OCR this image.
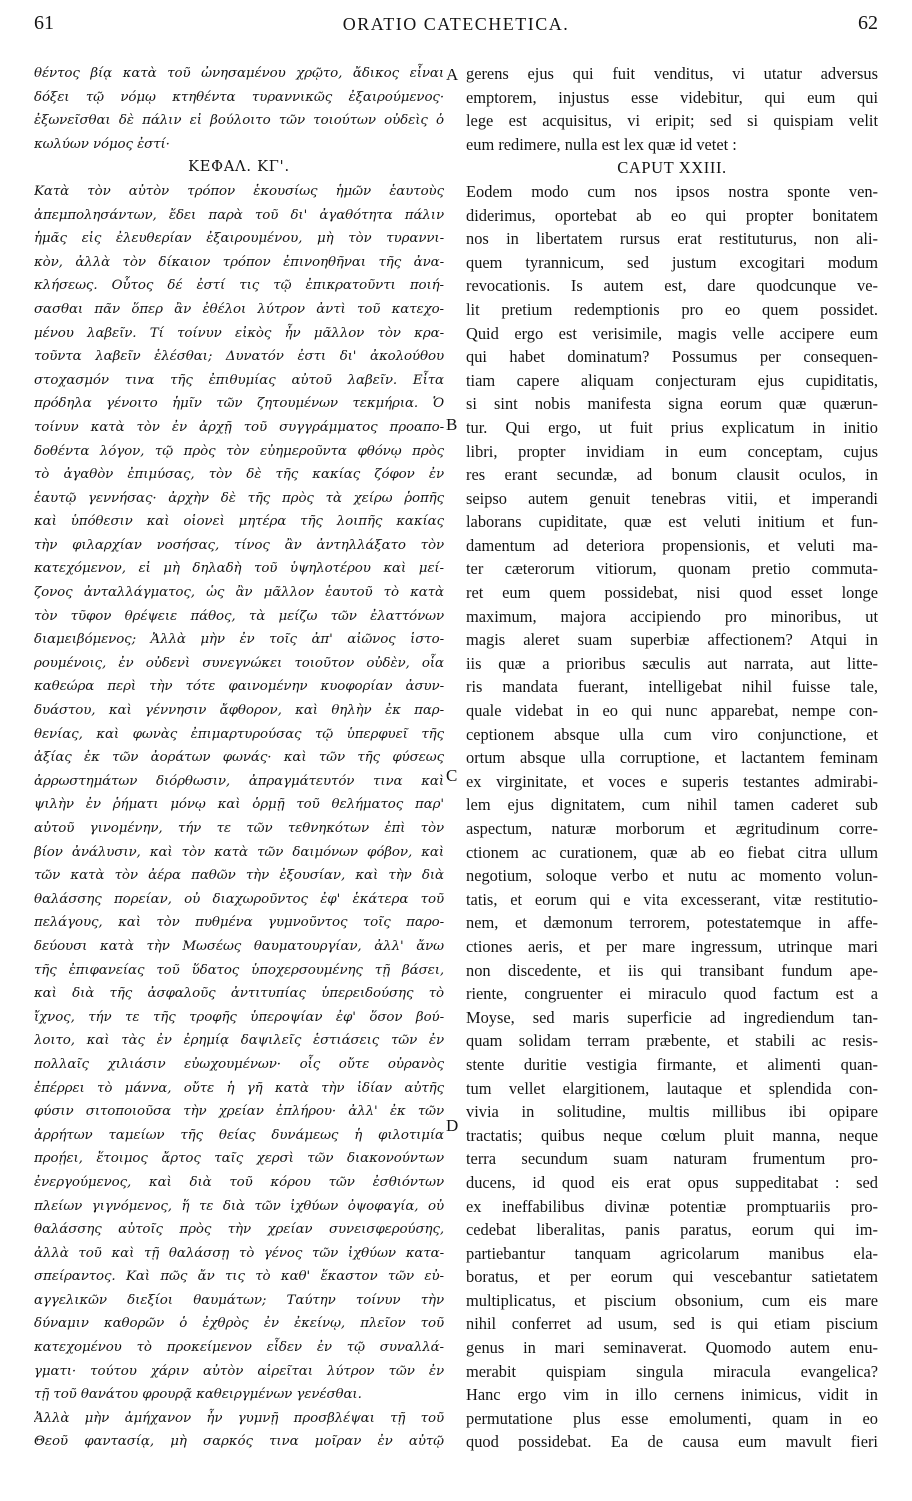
61	ORATIO CATECHETICA.	62
θέντος βίᾳ κατὰ τοῦ ὠνησαμένου χρῷτο, ἄδικος εἶναι
δόξει τῷ νόμῳ κτηθέντα τυραννικῶς ἐξαιρούμενος·
ἐξωνεῖσθαι δὲ πάλιν εἰ βούλοιτο τῶν τοιούτων οὐδεὶς ὁ
κωλύων νόμος ἐστί·
ΚΕΦΑΛ. ΚΓ'.
Κατὰ τὸν αὐτὸν τρόπον ἑκουσίως ἡμῶν ἑαυτοὺς
ἀπεμπολησάντων, ἔδει παρὰ τοῦ δι' ἀγαθότητα πάλιν
ἡμᾶς εἰς ἐλευθερίαν ἐξαιρουμένου, μὴ τὸν τυραννι-
κὸν, ἀλλὰ τὸν δίκαιον τρόπον ἐπινοηθῆναι τῆς ἀνα-
κλήσεως. Οὗτος δέ ἐστί τις τῷ ἐπικρατοῦντι ποιή-
σασθαι πᾶν ὅπερ ἂν ἐθέλοι λύτρον ἀντὶ τοῦ κατεχο-
μένου λαβεῖν. Τί τοίνυν εἰκὸς ἦν μᾶλλον τὸν κρα-
τοῦντα λαβεῖν ἑλέσθαι; Δυνατόν ἐστι δι' ἀκολούθου
στοχασμόν τινα τῆς ἐπιθυμίας αὐτοῦ λαβεῖν. Εἶτα
πρόδηλα γένοιτο ἡμῖν τῶν ζητουμένων τεκμήρια. Ὁ
τοίνυν κατὰ τὸν ἐν ἀρχῇ τοῦ συγγράμματος προαπο-
δοθέντα λόγον, τῷ πρὸς τὸν εὐημεροῦντα φθόνῳ πρὸς
τὸ ἀγαθὸν ἐπιμύσας, τὸν δὲ τῆς κακίας ζόφον ἐν
ἑαυτῷ γεννήσας· ἀρχὴν δὲ τῆς πρὸς τὰ χείρω ῥοπῆς
καὶ ὑπόθεσιν καὶ οἱονεὶ μητέρα τῆς λοιπῆς κακίας
τὴν φιλαρχίαν νοσήσας, τίνος ἂν ἀντηλλάξατο τὸν
κατεχόμενον, εἰ μὴ δηλαδὴ τοῦ ὑψηλοτέρου καὶ μεί-
ζονος ἀνταλλάγματος, ὡς ἂν μᾶλλον ἑαυτοῦ τὸ κατὰ
τὸν τῦφον θρέψειε πάθος, τὰ μείζω τῶν ἐλαττόνων
διαμειβόμενος; Ἀλλὰ μὴν ἐν τοῖς ἀπ' αἰῶνος ἱστο-
ρουμένοις, ἐν οὐδενὶ συνεγνώκει τοιοῦτον οὐδὲν, οἷα
καθεώρα περὶ τὴν τότε φαινομένην κυοφορίαν ἀσυν-
δυάστου, καὶ γέννησιν ἄφθορον, καὶ θηλὴν ἐκ παρ-
θενίας, καὶ φωνὰς ἐπιμαρτυρούσας τῷ ὑπερφυεῖ τῆς
ἀξίας ἐκ τῶν ἀοράτων φωνάς· καὶ τῶν τῆς φύσεως
ἀρρωστημάτων διόρθωσιν, ἀπραγμάτευτόν τινα καὶ
ψιλὴν ἐν ῥήματι μόνῳ καὶ ὁρμῇ τοῦ θελήματος παρ'
αὐτοῦ γινομένην, τήν τε τῶν τεθνηκότων ἐπὶ τὸν
βίον ἀνάλυσιν, καὶ τὸν κατὰ τῶν δαιμόνων φόβον, καὶ
τῶν κατὰ τὸν ἀέρα παθῶν τὴν ἐξουσίαν, καὶ τὴν διὰ
θαλάσσης πορείαν, οὐ διαχωροῦντος ἐφ' ἑκάτερα τοῦ
πελάγους, καὶ τὸν πυθμένα γυμνοῦντος τοῖς παρο-
δεύουσι κατὰ τὴν Μωσέως θαυματουργίαν, ἀλλ' ἄνω
τῆς ἐπιφανείας τοῦ ὕδατος ὑποχερσουμένης τῇ βάσει,
καὶ διὰ τῆς ἀσφαλοῦς ἀντιτυπίας ὑπερειδούσης τὸ
ἴχνος, τήν τε τῆς τροφῆς ὑπεροψίαν ἐφ' ὅσον βού-
λοιτο, καὶ τὰς ἐν ἐρημίᾳ δαψιλεῖς ἑστιάσεις τῶν ἐν
πολλαῖς χιλιάσιν εὐωχουμένων· οἷς οὔτε οὐρανὸς
ἐπέρρει τὸ μάννα, οὔτε ἡ γῆ κατὰ τὴν ἰδίαν αὐτῆς
φύσιν σιτοποιοῦσα τὴν χρείαν ἐπλήρου· ἀλλ' ἐκ τῶν
ἀρρήτων ταμείων τῆς θείας δυνάμεως ἡ φιλοτιμία
προῄει, ἕτοιμος ἄρτος ταῖς χερσὶ τῶν διακονούντων
ἐνεργούμενος, καὶ διὰ τοῦ κόρου τῶν ἐσθιόντων
πλείων γιγνόμενος, ἥ τε διὰ τῶν ἰχθύων ὀψοφαγία, οὐ
θαλάσσης αὐτοῖς πρὸς τὴν χρείαν συνεισφερούσης,
ἀλλὰ τοῦ καὶ τῇ θαλάσσῃ τὸ γένος τῶν ἰχθύων κατα-
σπείραντος. Καὶ πῶς ἄν τις τὸ καθ' ἕκαστον τῶν εὐ-
αγγελικῶν διεξίοι θαυμάτων; Ταύτην τοίνυν τὴν
δύναμιν καθορῶν ὁ ἐχθρὸς ἐν ἐκείνῳ, πλεῖον τοῦ
κατεχομένου τὸ προκείμενον εἶδεν ἐν τῷ συναλλά-
γματι· τούτου χάριν αὐτὸν αἱρεῖται λύτρον τῶν ἐν
τῇ τοῦ θανάτου φρουρᾷ καθειργμένων γενέσθαι.
Ἀλλὰ μὴν ἀμήχανον ἦν γυμνῇ προσβλέψαι τῇ τοῦ
Θεοῦ φαντασίᾳ, μὴ σαρκός τινα μοῖραν ἐν αὐτῷ
gerens ejus qui fuit venditus, vi utatur adversus
emptorem, injustus esse videbitur, qui eum qui
lege est acquisitus, vi eripit; sed si quispiam velit
eum redimere, nulla est lex quæ id vetet :
CAPUT XXIII.
Eodem modo cum nos ipsos nostra sponte ven-
diderimus, oportebat ab eo qui propter bonitatem
nos in libertatem rursus erat restituturus, non ali-
quem tyrannicum, sed justum excogitari modum
revocationis. Is autem est, dare quodcunque ve-
lit pretium redemptionis pro eo quem possidet.
Quid ergo est verisimile, magis velle accipere eum
qui habet dominatum? Possumus per consequen-
tiam capere aliquam conjecturam ejus cupiditatis,
si sint nobis manifesta signa eorum quæ quærun-
tur. Qui ergo, ut fuit prius explicatum in initio
libri, propter invidiam in eum conceptam, cujus
res erant secundæ, ad bonum clausit oculos, in
seipso autem genuit tenebras vitii, et imperandi
laborans cupiditate, quæ est veluti initium et fun-
damentum ad deteriora propensionis, et veluti ma-
ter cæterorum vitiorum, quonam pretio commuta-
ret eum quem possidebat, nisi quod esset longe
maximum, majora accipiendo pro minoribus, ut
magis aleret suam superbiæ affectionem? Atqui in
iis quæ a prioribus sæculis aut narrata, aut litte-
ris mandata fuerant, intelligebat nihil fuisse tale,
quale videbat in eo qui nunc apparebat, nempe con-
ceptionem absque ulla cum viro conjunctione, et
ortum absque ulla corruptione, et lactantem feminam
ex virginitate, et voces e superis testantes admirabi-
lem ejus dignitatem, cum nihil tamen caderet sub
aspectum, naturæ morborum et ægritudinum corre-
ctionem ac curationem, quæ ab eo fiebat citra ullum
negotium, soloque verbo et nutu ac momento volun-
tatis, et eorum qui e vita excesserant, vitæ restitutio-
nem, et dæmonum terrorem, potestatemque in affe-
ctiones aeris, et per mare ingressum, utrinque mari
non discedente, et iis qui transibant fundum ape-
riente, congruenter ei miraculo quod factum est a
Moyse, sed maris superficie ad ingrediendum tan-
quam solidam terram præbente, et stabili ac resis-
stente duritie vestigia firmante, et alimenti quan-
tum vellet elargitionem, lautaque et splendida con-
vivia in solitudine, multis millibus ibi opipare
tractatis; quibus neque cœlum pluit manna, neque
terra secundum suam naturam frumentum pro-
ducens, id quod eis erat opus suppeditabat : sed
ex ineffabilibus divinæ potentiæ promptuariis pro-
cedebat liberalitas, panis paratus, eorum qui im-
partiebantur tanquam agricolarum manibus ela-
boratus, et per eorum qui vescebantur satietatem
multiplicatus, et piscium obsonium, cum eis mare
nihil conferret ad usum, sed is qui etiam piscium
genus in mari seminaverat. Quomodo autem enu-
merabit quispiam singula miracula evangelica?
Hanc ergo vim in illo cernens inimicus, vidit in
permutatione plus esse emolumenti, quam in eo
quod possidebat. Ea de causa eum mavult fieri
A
B
C
D
